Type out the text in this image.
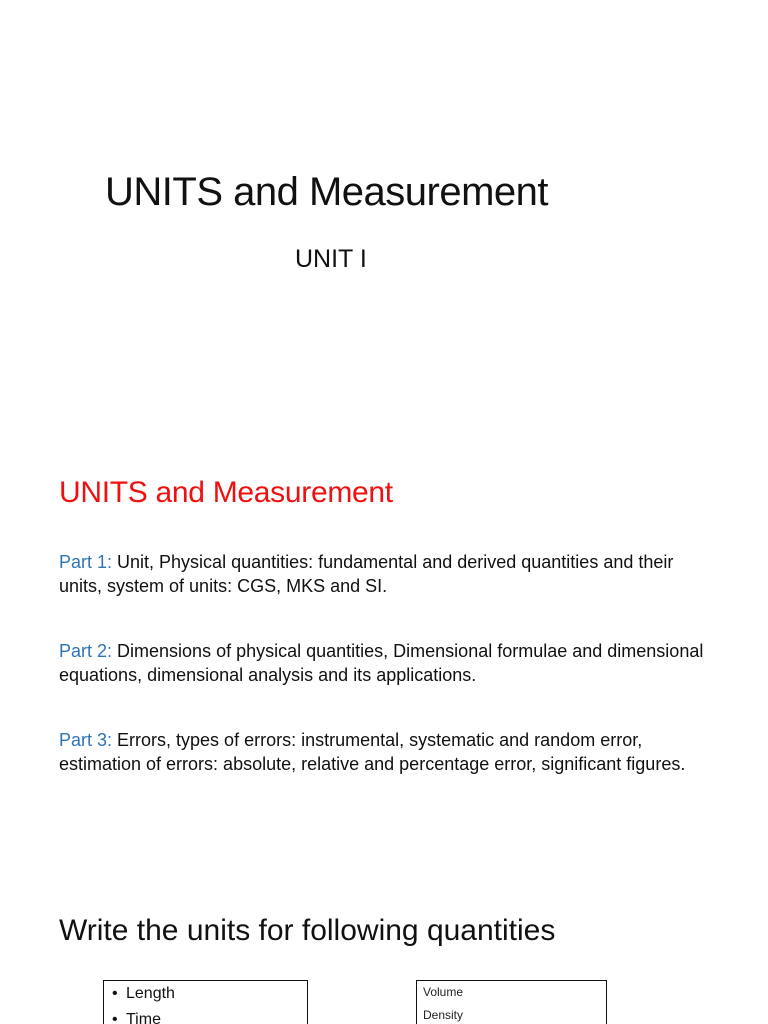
UNITS and Measurement
UNIT I
UNITS and Measurement

Part 1: Unit, Physical quantities: fundamental and derived quantities and their units, system of units: CGS, MKS and SI.

Part 2: Dimensions of physical quantities, Dimensional formulae and dimensional equations, dimensional analysis and its applications.

Part 3: Errors, types of errors: instrumental, systematic and random error, estimation of errors: absolute, relative and percentage error, significant figures.

Write the units for following quantities
• Length
• Time
Volume
Density
